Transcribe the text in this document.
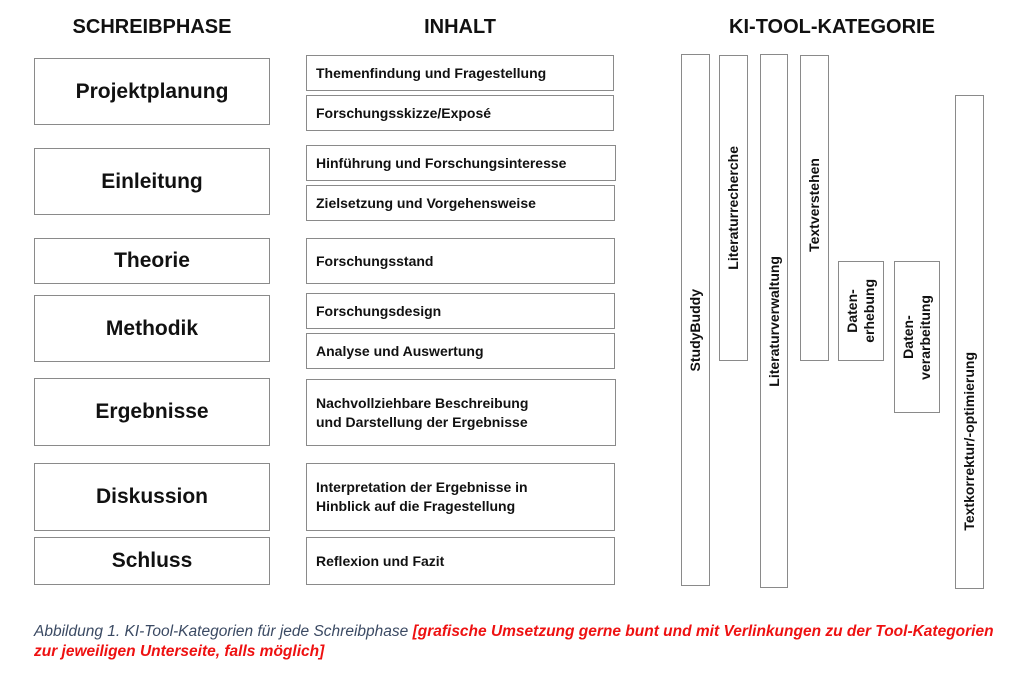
SCHREIBPHASE	INHALT	KI-TOOL-KATEGORIE
Projektplanung
Einleitung
Theorie
Methodik
Ergebnisse
Diskussion
Schluss
Themenfindung und Fragestellung
Forschungsskizze/Exposé
Hinführung und Forschungsinteresse
Zielsetzung und Vorgehensweise
Forschungsstand
Forschungsdesign
Analyse und Auswertung
Nachvollziehbare Beschreibung und Darstellung der Ergebnisse
Interpretation der Ergebnisse in Hinblick auf die Fragestellung
Reflexion und Fazit
StudyBuddy
Literaturrecherche
Literaturverwaltung
Textverstehen
Daten-
erhebung Daten-
verarbeitung
Textkorrektur/-optimierung
Abbildung 1. KI-Tool-Kategorien für jede Schreibphase [grafische Umsetzung gerne bunt und mit Verlinkungen zu der Tool-Kategorien zur jeweiligen Unterseite, falls möglich]
